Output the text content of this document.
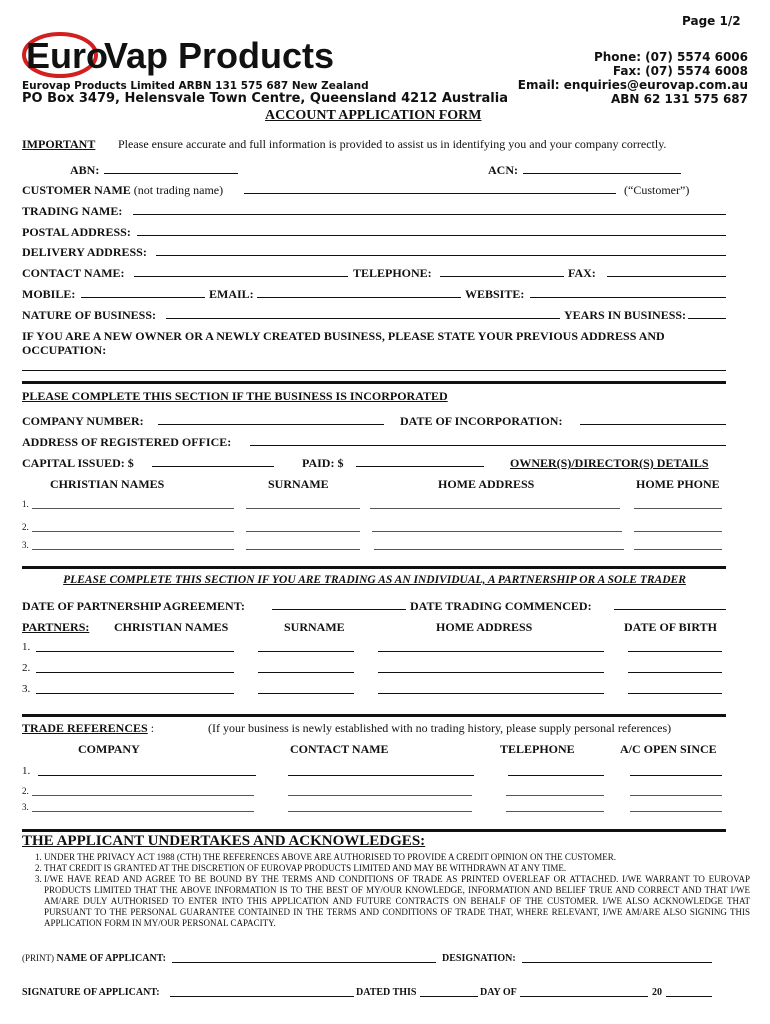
Page 1/2
Euro
Vap Products
Eurovap Products Limited ARBN 131 575 687 New Zealand
PO Box 3479, Helensvale Town Centre, Queensland 4212 Australia
Phone: (07) 5574 6006
Fax: (07) 5574 6008
Email: enquiries@eurovap.com.au
ABN 62 131 575 687
ACCOUNT APPLICATION FORM
IMPORTANT Please ensure accurate and full information is provided to assist us in identifying you and your company correctly.
ABN:	ACN:
CUSTOMER NAME (not trading name)	(“Customer”)
TRADING NAME:
POSTAL ADDRESS:
DELIVERY ADDRESS:
CONTACT NAME:	TELEPHONE:	FAX:
MOBILE:	EMAIL:	WEBSITE:
NATURE OF BUSINESS:	YEARS IN BUSINESS:
IF YOU ARE A NEW OWNER OR A NEWLY CREATED BUSINESS, PLEASE STATE YOUR PREVIOUS ADDRESS AND
OCCUPATION:
PLEASE COMPLETE THIS SECTION IF THE BUSINESS IS INCORPORATED
COMPANY NUMBER:	DATE OF INCORPORATION:
ADDRESS OF REGISTERED OFFICE:
CAPITAL ISSUED: $	PAID: $	OWNER(S)/DIRECTOR(S) DETAILS
CHRISTIAN NAMES	SURNAME	HOME ADDRESS	HOME PHONE
1.
2.
3.
PLEASE COMPLETE THIS SECTION IF YOU ARE TRADING AS AN INDIVIDUAL, A PARTNERSHIP OR A SOLE TRADER
DATE OF PARTNERSHIP AGREEMENT:	DATE TRADING COMMENCED:
PARTNERS: CHRISTIAN NAMES	SURNAME	HOME ADDRESS	DATE OF BIRTH
1.
2.
3.
TRADE REFERENCES :	(If your business is newly established with no trading history, please supply personal references)
COMPANY	CONTACT NAME	TELEPHONE	A/C OPEN SINCE
1.
2.
3.
THE APPLICANT UNDERTAKES AND ACKNOWLEDGES:
1. UNDER THE PRIVACY ACT 1988 (CTH) THE REFERENCES ABOVE ARE AUTHORISED TO PROVIDE A CREDIT OPINION ON THE CUSTOMER.
2. THAT CREDIT IS GRANTED AT THE DISCRETION OF EUROVAP PRODUCTS LIMITED AND MAY BE WITHDRAWN AT ANY TIME.
3. I/WE HAVE READ AND AGREE TO BE BOUND BY THE TERMS AND CONDITIONS OF TRADE AS PRINTED OVERLEAF OR ATTACHED. I/WE WARRANT TO EUROVAP PRODUCTS LIMITED THAT THE ABOVE INFORMATION IS TO THE BEST OF MY/OUR KNOWLEDGE, INFORMATION AND BELIEF TRUE AND CORRECT AND THAT I/WE AM/ARE DULY AUTHORISED TO ENTER INTO THIS APPLICATION AND FUTURE CONTRACTS ON BEHALF OF THE CUSTOMER. I/WE ALSO ACKNOWLEDGE THAT PURSUANT TO THE PERSONAL GUARANTEE CONTAINED IN THE TERMS AND CONDITIONS OF TRADE THAT, WHERE RELEVANT, I/WE AM/ARE ALSO SIGNING THIS APPLICATION FORM IN MY/OUR PERSONAL CAPACITY.
(PRINT) NAME OF APPLICANT:	DESIGNATION:
SIGNATURE OF APPLICANT:	DATED THIS	DAY OF	20
